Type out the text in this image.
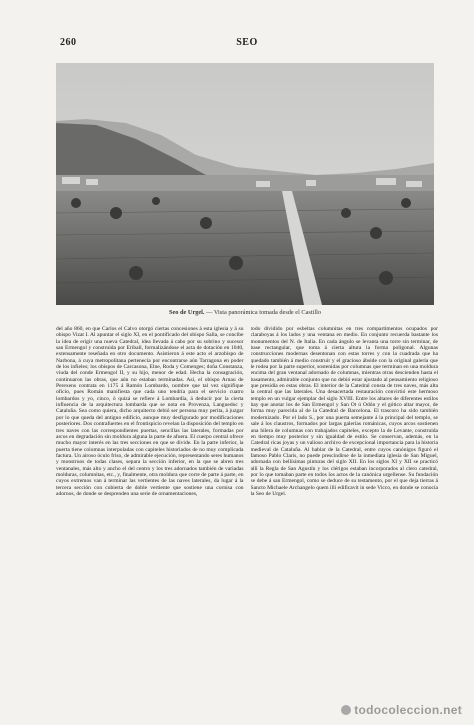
260	SEO
Seo de Urgel. — Vista panorámica tomada desde el Castillo

del año 860, en que Carlos el Calvo otorgó ciertas concesiones á esta iglesia y á su obispo Vizat I. Al apuntar el siglo XI, en el pontificado del obispo Salla, se concibe la idea de erigir una nueva Catedral, idea llevada á cabo por su sobrino y sucesor san Ermengol y construida por Eriball, formalizándose el acta de dotación en 1040, extensamente reseñada en otro documento. Asistieron á este acto el arzobispo de Narbona, á cuya metropolitana pertenecía por encontrarse aún Tarragona en poder de los infieles; los obispos de Carcasona, Elne, Roda y Comenges; doña Constanza, viuda del conde Ermengol II, y su hijo, menor de edad. Hecha la consagración, continuaron las obras, que aún no estaban terminadas. Así, el obispo Arnau de Perexens contrata en 1175 á Ramón Lombardo, nombre que tal vez signifique oficio, pues Román manifiesta que cada uno tendría para el servicio cuatro lombardos y yo, cinco, ó quizá se refiere á Lombardía, á deducir por la cierta influencia de la arquitectura lombarda que se nota en Provenza, Languedoc y Cataluña. Sea como quiera, dicho arquitecto debió ser persona muy perita, á juzgar por lo que queda del antiguo edificio, aunque muy desfigurado por modificaciones posteriores. Dos contrafuertes en el frontispicio revelan la disposición del templo en tres naves con las correspondientes puertas, sencillas las laterales, formadas por arcos en degradación sin moldura alguna la parte de afuera. El cuerpo central ofrece mucho mayor interés en las tres secciones en que se divide. En la parte inferior, la puerta tiene columnas interpoladas con capiteles historiados de no muy complicada factura. Un airoso óculo friso, de admirable ejecución, representando seres humanos y monstruos de todas clases, separa la sección inferior, en la que se abren tres ventanales, más alto y ancho el del centro y los tres adornados también de variadas molduras, columnitas, etc., y, finalmente, otra moldura que corre de parte á parte, en cuyos extremos van á terminar las vertientes de las naves laterales, da lugar á la tercera sección con cubierta de doble vertiente que sostiene una cornisa con adornos, de donde se desprenden una serie de ornamentaciones,

todo dividido por esbeltas columnitas en tres compartimentos ocupados por claraboyas á los lados y una ventana en medio. En conjunto recuerda bastante los monumentos del N. de Italia. En cada ángulo se levanta una torre sin terminar, de base rectangular, que toma á cierta altura la forma poligonal. Algunas construcciones modernas desentonan con estas torres y con la cuadrada que ha quedado también á medio construir y el gracioso ábside con la original galería que le rodea por la parte superior, sostenidas por columnas que terminan en una moldura encima del gran ventanal adornado de columnas, mientras otras descienden hasta el basamento, admirable conjunto que no debió estar ajustado al pensamiento religioso que presidía en estas obras. El interior de la Catedral consta de tres naves, más alta la central que las laterales. Una desacertada restauración convirtió este hermoso templo en un vulgar ejemplar del siglo XVIII. Entre los altares de diferentes estilos hay que anotar los de San Ermengol y San Ot ú Odón y el gótico altar mayor, de forma muy parecida al de la Catedral de Barcelona. El trascoro ha sido también modernizado. Por el lado S., por una puerta semejante á la principal del templo, se sale á los claustros, formados por largas galerías románicas, cuyos arcos sostienen una hilera de columnas con trabajados capiteles, excepto la de Levante, construida en tiempo muy posterior y sin igualdad de estilo. Se conservan, además, en la Catedral ricas joyas y un valioso archivo de excepcional importancia para la historia medieval de Cataluña. Al hablar de la Catedral, entre cuyos canónigos figuró el famoso Pablo Claris, no puede prescindirse de la inmediata iglesia de San Miguel, adornada con bellísimas pinturas del siglo XII. En los siglos XI y XII se practicó allí la Regla de San Agustín y los clérigos estaban incorporados al clero catedral, por lo que tomaban parte en todos los actos de la canónica urgellense. Su fundación se debe á san Ermengol, como se deduce de su testamento, por el que deja tierras á Sancto Michaele Archangelo quem illi edificavit in sede Vicco, en donde se conocía la Seo de Urgel.

todocoleccion.net
